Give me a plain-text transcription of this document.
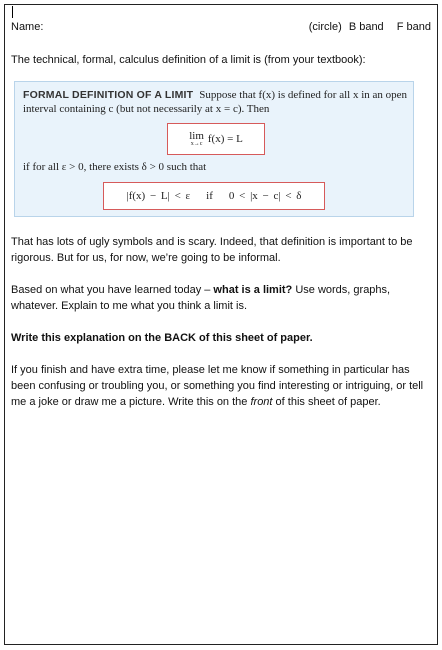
Name:	(circle) B band F band

The technical, formal, calculus definition of a limit is (from your textbook):

FORMAL DEFINITION OF A LIMIT Suppose that f(x) is defined for all x in an open
interval containing c (but not necessarily at x = c). Then
lim
x→c f(x) = L
if for all ε > 0, there exists δ > 0 such that
|f(x) − L| < ε if 0 < |x − c| < δ

That has lots of ugly symbols and is scary. Indeed, that definition is important to be rigorous. But for us, for now, we’re going to be informal.

Based on what you have learned today – what is a limit? Use words, graphs, whatever. Explain to me what you think a limit is.

Write this explanation on the BACK of this sheet of paper.

If you finish and have extra time, please let me know if something in particular has been confusing or troubling you, or something you find interesting or intriguing, or tell me a joke or draw me a picture. Write this on the front of this sheet of paper.
